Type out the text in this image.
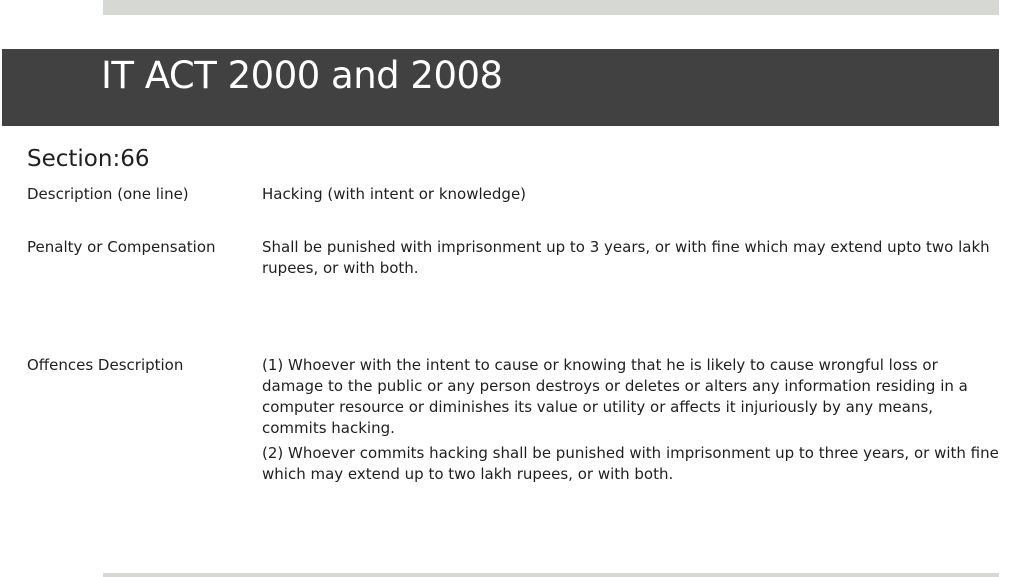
IT ACT 2000 and 2008
Section:66
Description (one line)	Hacking (with intent or knowledge)
Penalty or Compensation	Shall be punished with imprisonment up to 3 years, or with fine which may extend upto two lakh rupees, or with both.
Offences Description	(1) Whoever with the intent to cause or knowing that he is likely to cause wrongful loss or damage to the public or any person destroys or deletes or alters any information residing in a computer resource or diminishes its value or utility or affects it injuriously by any means, commits hacking.

(2) Whoever commits hacking shall be punished with imprisonment up to three years, or with fine which may extend up to two lakh rupees, or with both.
